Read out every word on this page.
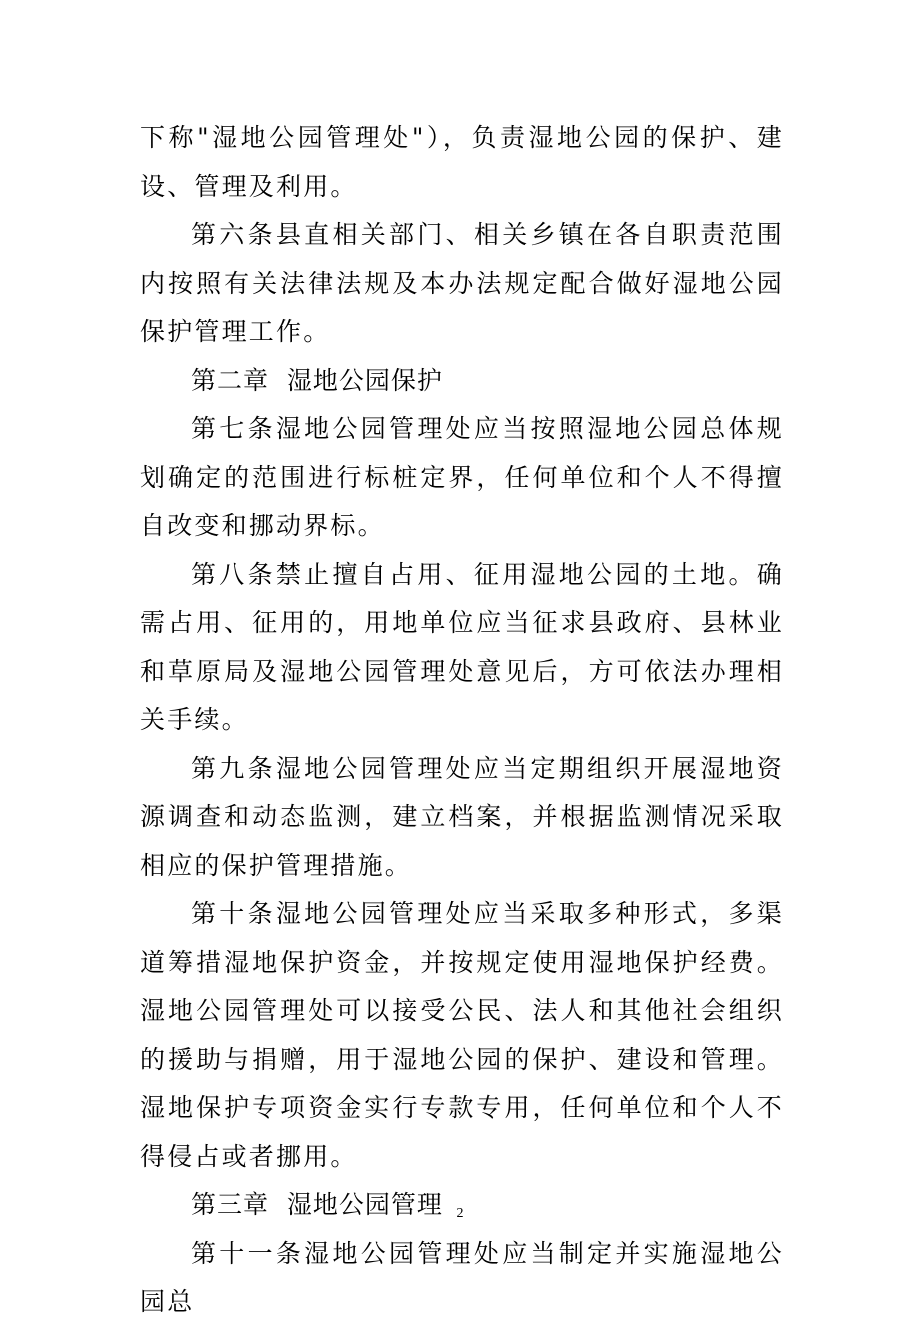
下称"湿地公园管理处"），负责湿地公园的保护、建设、管理及利用。

第六条县直相关部门、相关乡镇在各自职责范围内按照有关法律法规及本办法规定配合做好湿地公园保护管理工作。

第二章  湿地公园保护

第七条湿地公园管理处应当按照湿地公园总体规划确定的范围进行标桩定界，任何单位和个人不得擅自改变和挪动界标。

第八条禁止擅自占用、征用湿地公园的土地。确需占用、征用的，用地单位应当征求县政府、县林业和草原局及湿地公园管理处意见后，方可依法办理相关手续。

第九条湿地公园管理处应当定期组织开展湿地资源调查和动态监测，建立档案，并根据监测情况采取相应的保护管理措施。

第十条湿地公园管理处应当采取多种形式，多渠道筹措湿地保护资金，并按规定使用湿地保护经费。湿地公园管理处可以接受公民、法人和其他社会组织的援助与捐赠，用于湿地公园的保护、建设和管理。湿地保护专项资金实行专款专用，任何单位和个人不得侵占或者挪用。

第三章  湿地公园管理

第十一条湿地公园管理处应当制定并实施湿地公园总

2
